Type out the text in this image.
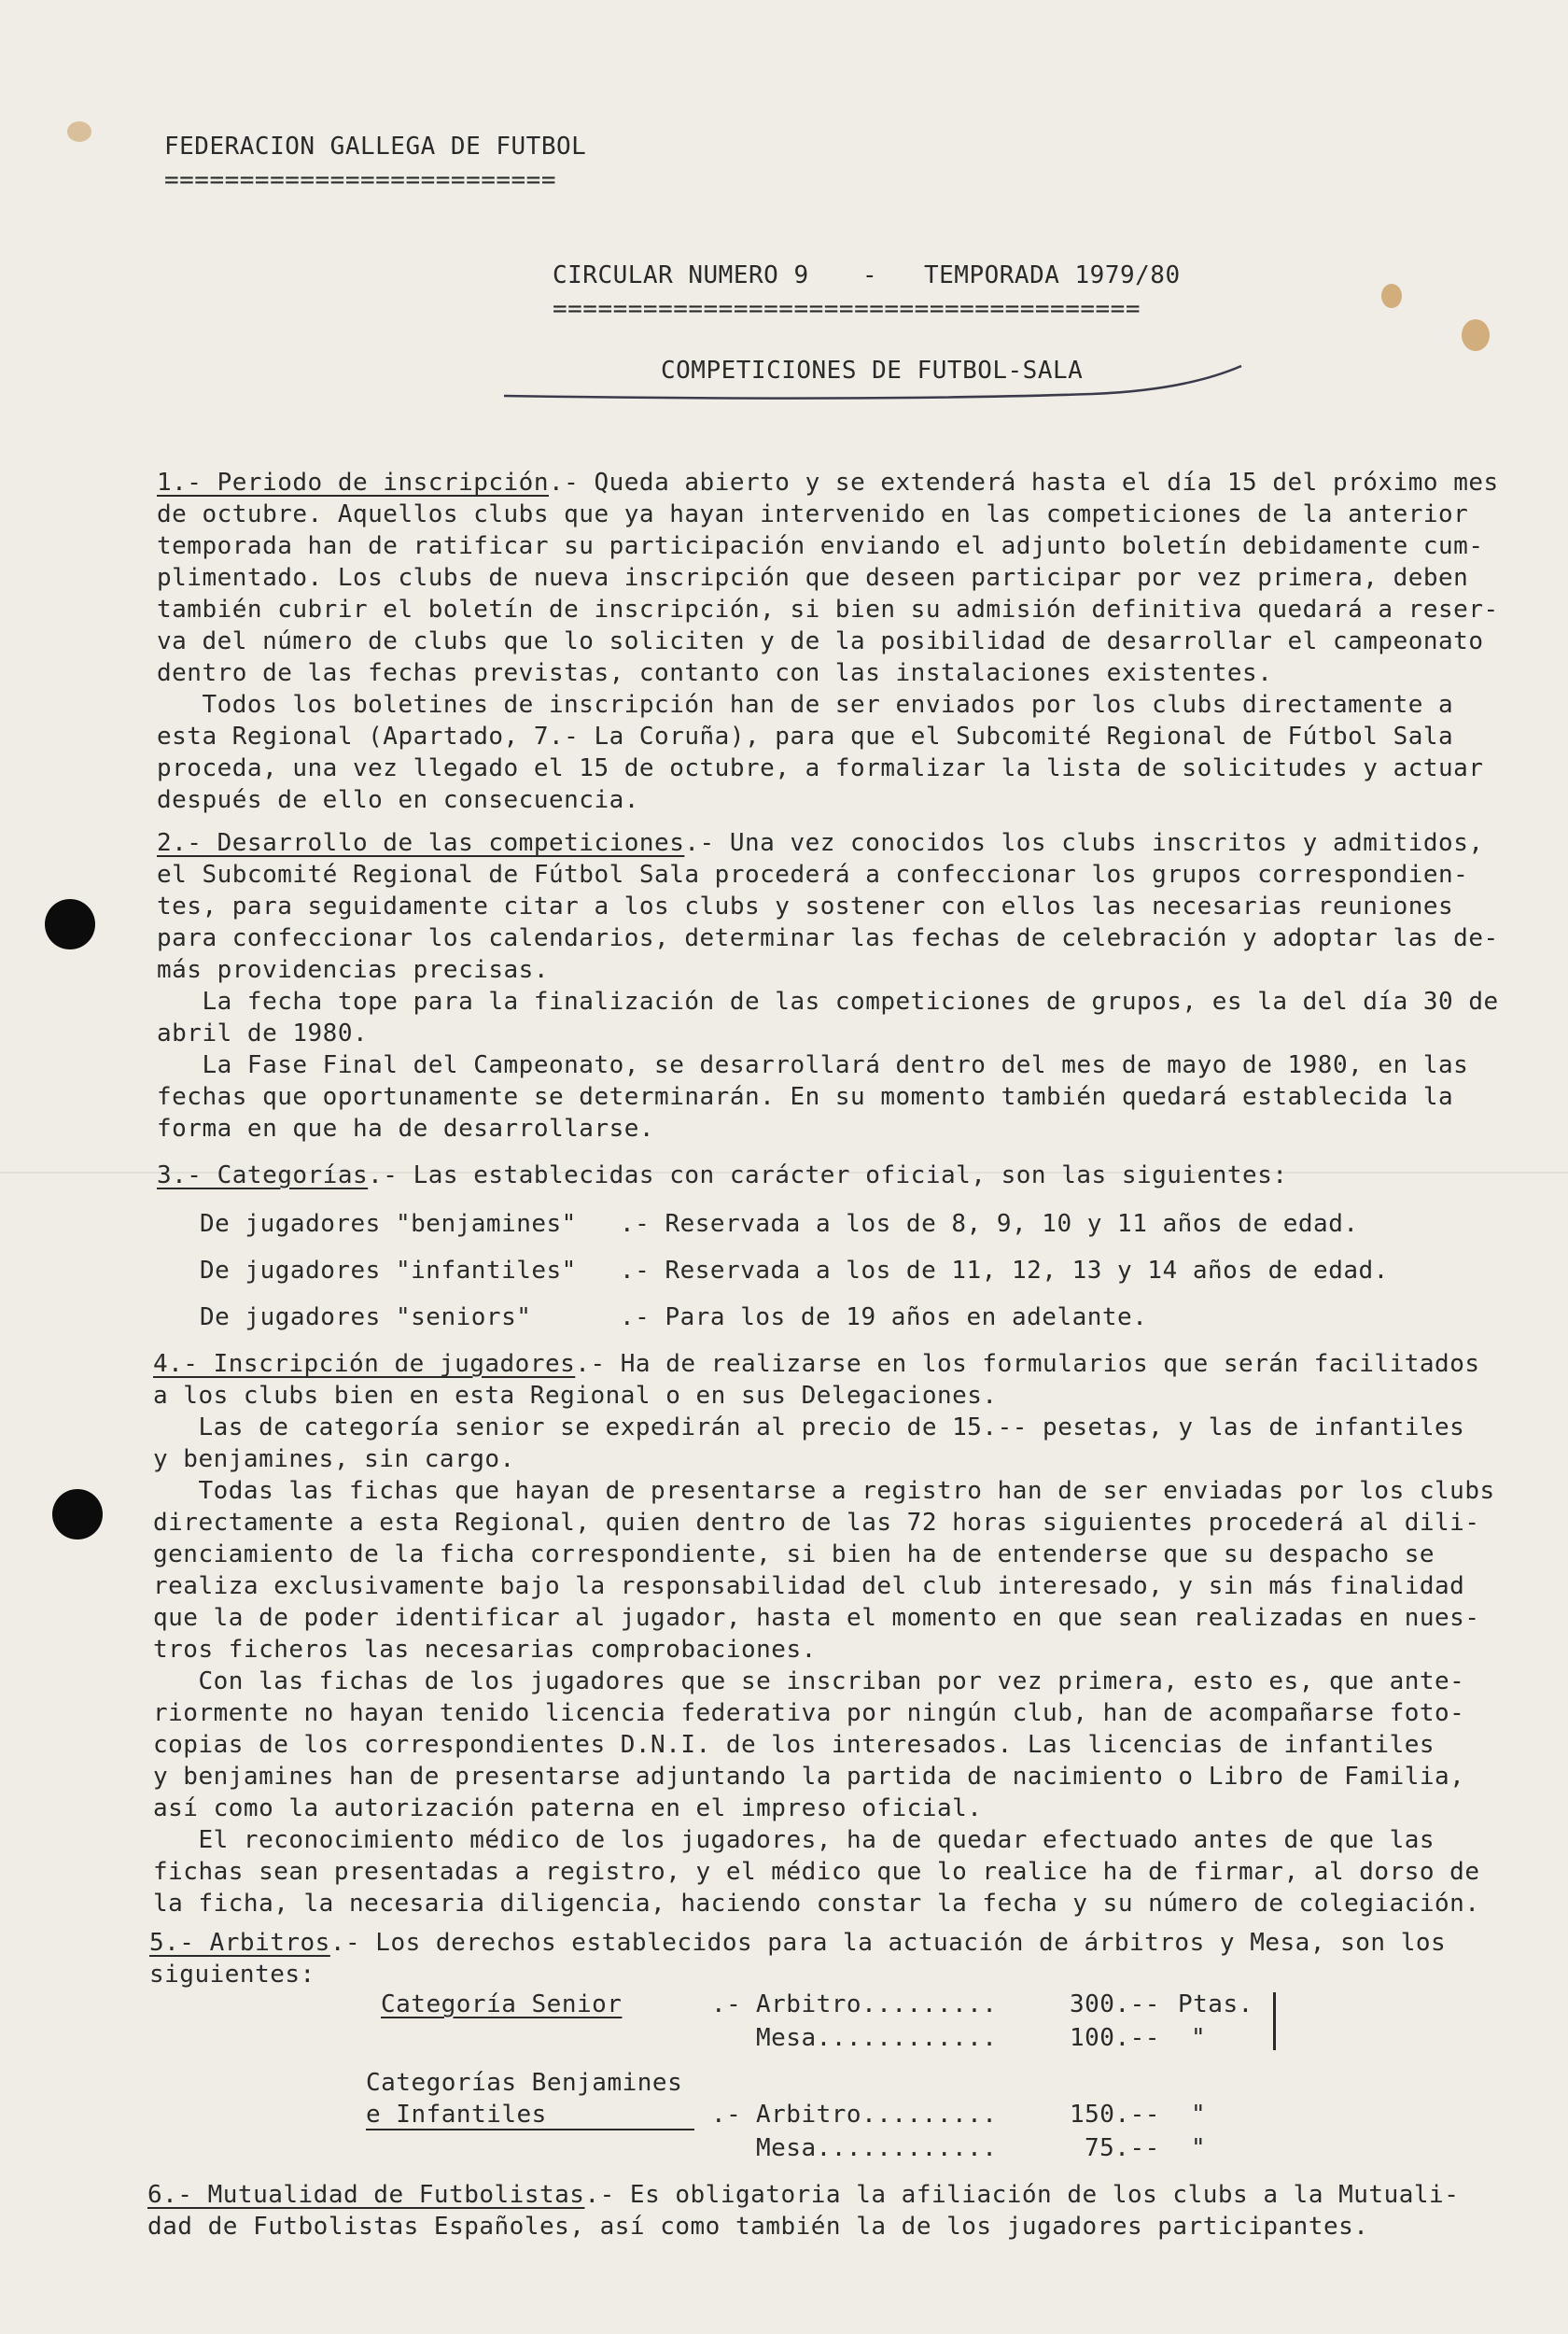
FEDERACION GALLEGA DE FUTBOL
==========================
CIRCULAR NUMERO 9 - TEMPORADA 1979/80
=======================================
COMPETICIONES DE FUTBOL-SALA
1.- Periodo de inscripción.- Queda abierto y se extenderá hasta el día 15 del próximo mes
de octubre. Aquellos clubs que ya hayan intervenido en las competiciones de la anterior
temporada han de ratificar su participación enviando el adjunto boletín debidamente cum-
plimentado. Los clubs de nueva inscripción que deseen participar por vez primera, deben
también cubrir el boletín de inscripción, si bien su admisión definitiva quedará a reser-
va del número de clubs que lo soliciten y de la posibilidad de desarrollar el campeonato
dentro de las fechas previstas, contanto con las instalaciones existentes.
Todos los boletines de inscripción han de ser enviados por los clubs directamente a
esta Regional (Apartado, 7.- La Coruña), para que el Subcomité Regional de Fútbol Sala
proceda, una vez llegado el 15 de octubre, a formalizar la lista de solicitudes y actuar
después de ello en consecuencia.
2.- Desarrollo de las competiciones.- Una vez conocidos los clubs inscritos y admitidos,
el Subcomité Regional de Fútbol Sala procederá a confeccionar los grupos correspondien-
tes, para seguidamente citar a los clubs y sostener con ellos las necesarias reuniones
para confeccionar los calendarios, determinar las fechas de celebración y adoptar las de-
más providencias precisas.
La fecha tope para la finalización de las competiciones de grupos, es la del día 30 de
abril de 1980.
La Fase Final del Campeonato, se desarrollará dentro del mes de mayo de 1980, en las
fechas que oportunamente se determinarán. En su momento también quedará establecida la
forma en que ha de desarrollarse.
3.- Categorías.- Las establecidas con carácter oficial, son las siguientes:
De jugadores "benjamines" .- Reservada a los de 8, 9, 10 y 11 años de edad.
De jugadores "infantiles" .- Reservada a los de 11, 12, 13 y 14 años de edad.
De jugadores "seniors"	.- Para los de 19 años en adelante.
4.- Inscripción de jugadores.- Ha de realizarse en los formularios que serán facilitados
a los clubs bien en esta Regional o en sus Delegaciones.
Las de categoría senior se expedirán al precio de 15.-- pesetas, y las de infantiles
y benjamines, sin cargo.
Todas las fichas que hayan de presentarse a registro han de ser enviadas por los clubs
directamente a esta Regional, quien dentro de las 72 horas siguientes procederá al dili-
genciamiento de la ficha correspondiente, si bien ha de entenderse que su despacho se
realiza exclusivamente bajo la responsabilidad del club interesado, y sin más finalidad
que la de poder identificar al jugador, hasta el momento en que sean realizadas en nues-
tros ficheros las necesarias comprobaciones.
Con las fichas de los jugadores que se inscriban por vez primera, esto es, que ante-
riormente no hayan tenido licencia federativa por ningún club, han de acompañarse foto-
copias de los correspondientes D.N.I. de los interesados. Las licencias de infantiles
y benjamines han de presentarse adjuntando la partida de nacimiento o Libro de Familia,
así como la autorización paterna en el impreso oficial.
El reconocimiento médico de los jugadores, ha de quedar efectuado antes de que las
fichas sean presentadas a registro, y el médico que lo realice ha de firmar, al dorso de
la ficha, la necesaria diligencia, haciendo constar la fecha y su número de colegiación.
5.- Arbitros.- Los derechos establecidos para la actuación de árbitros y Mesa, son los
siguientes:
Categoría Senior	.- Arbitro.........	300.-- Ptas.
Mesa............	100.-- "
Categorías Benjamines
e Infantiles	.- Arbitro.........	150.-- "
Mesa............	75.-- "
6.- Mutualidad de Futbolistas.- Es obligatoria la afiliación de los clubs a la Mutuali-
dad de Futbolistas Españoles, así como también la de los jugadores participantes.
